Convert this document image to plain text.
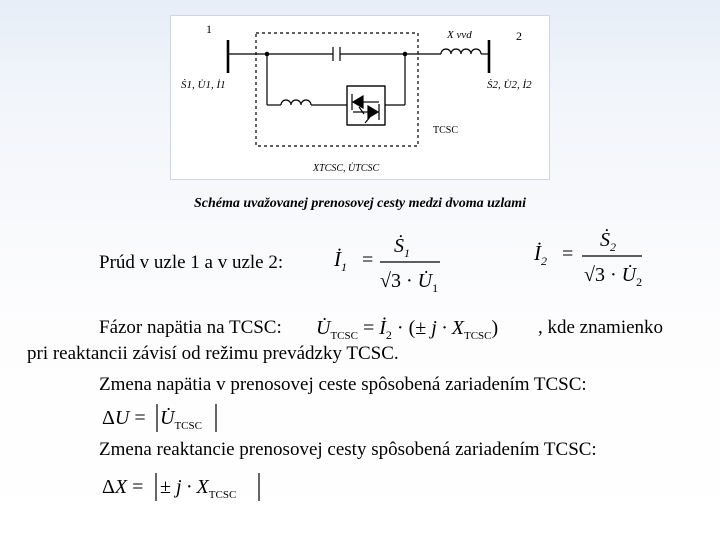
1	2
X vvd
Ṡ1, U̇1, İ1	Ṡ2, U̇2, İ2
TCSC
XTCSC, U̇TCSC
Schéma uvažovanej prenosovej cesty medzi dvoma uzlami
Prúd v uzle 1 a v uzle 2: $İ_1$ =
Ṡ$_1$
$√3 \cdot U̇_1$
$İ_2$ =
Ṡ$_2$
$√3 \cdot U̇_2$
Fázor napätia na TCSC: $U̇_{TCSC}$ = $İ_2$ · (± $j \cdot X_{TCSC}$) , kde znamienko
pri reaktancii závisí od režimu prevádzky TCSC.
Zmena napätia v prenosovej ceste spôsobená zariadením TCSC:
$\Delta U = U̇_{TCSC}$
Zmena reaktancie prenosovej cesty spôsobená zariadením TCSC:
ΔX = ± $j \cdot X_{TCSC}$
